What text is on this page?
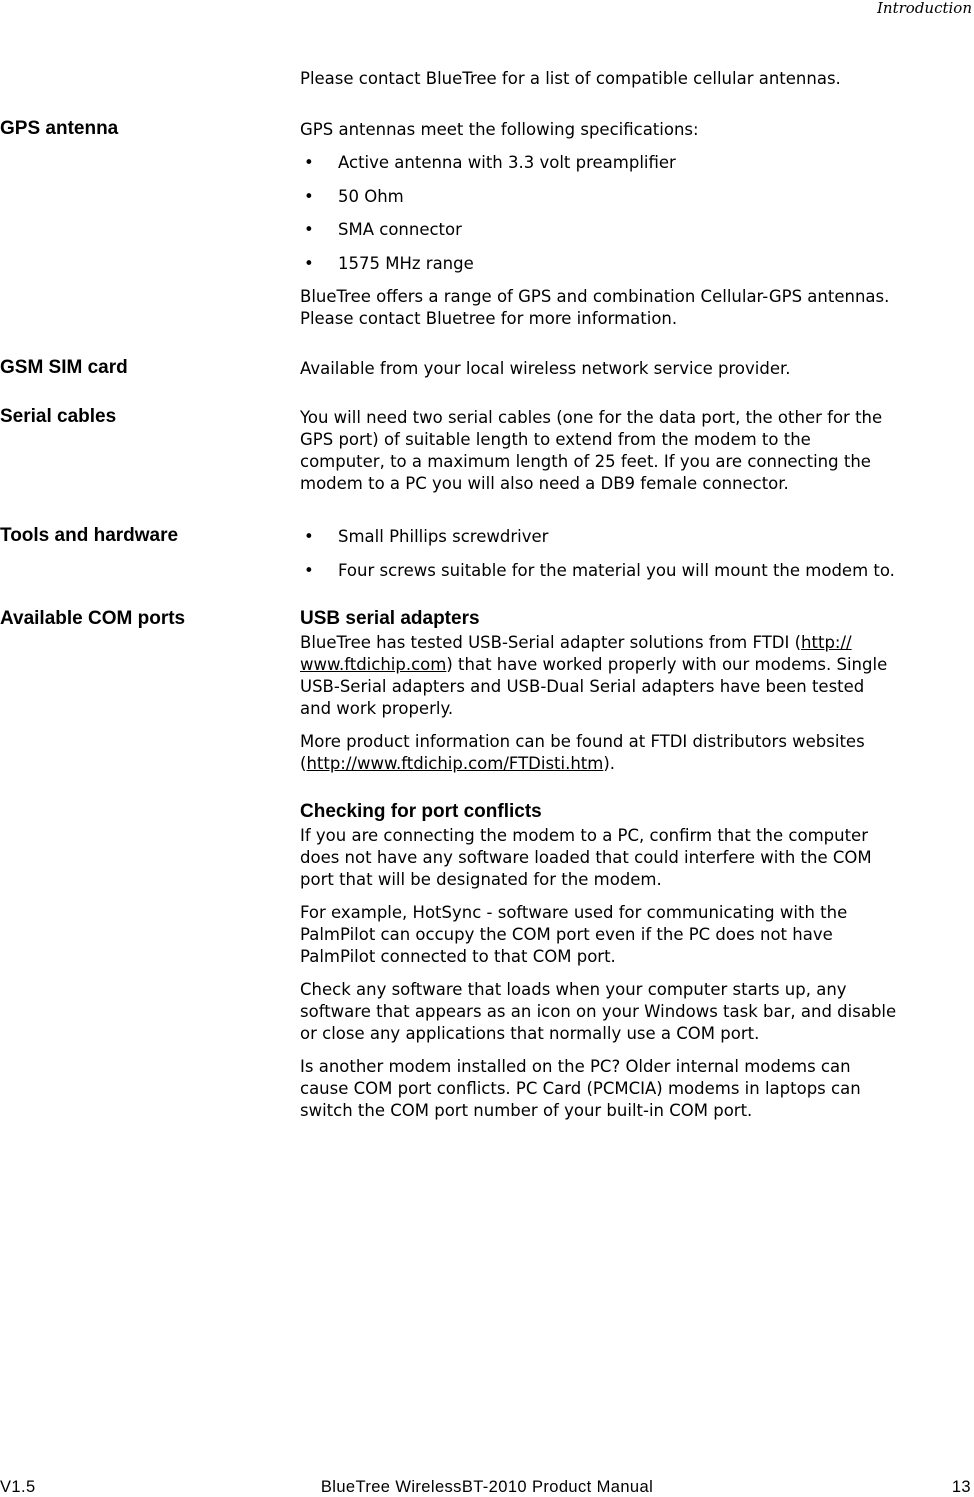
Introduction
Please contact BlueTree for a list of compatible cellular antennas.
GPS antenna	GPS antennas meet the following specifications:

• Active antenna with 3.3 volt preamplifier
• 50 Ohm
• SMA connector
• 1575 MHz range

BlueTree offers a range of GPS and combination Cellular-GPS antennas.
Please contact Bluetree for more information.

GSM SIM card	Available from your local wireless network service provider.
Serial cables	You will need two serial cables (one for the data port, the other for the
GPS port) of suitable length to extend from the modem to the
computer, to a maximum length of 25 feet. If you are connecting the
modem to a PC you will also need a DB9 female connector.
Tools and hardware	• Small Phillips screwdriver
• Four screws suitable for the material you will mount the modem to.
Available COM ports	USB serial adapters

BlueTree has tested USB-Serial adapter solutions from FTDI (http://
www.ftdichip.com) that have worked properly with our modems. Single
USB-Serial adapters and USB-Dual Serial adapters have been tested
and work properly.

More product information can be found at FTDI distributors websites
(http://www.ftdichip.com/FTDisti.htm).

Checking for port conflicts

If you are connecting the modem to a PC, confirm that the computer
does not have any software loaded that could interfere with the COM
port that will be designated for the modem.

For example, HotSync - software used for communicating with the
PalmPilot can occupy the COM port even if the PC does not have
PalmPilot connected to that COM port.

Check any software that loads when your computer starts up, any
software that appears as an icon on your Windows task bar, and disable
or close any applications that normally use a COM port.

Is another modem installed on the PC? Older internal modems can
cause COM port conflicts. PC Card (PCMCIA) modems in laptops can
switch the COM port number of your built-in COM port.

V1.5	BlueTree WirelessBT-2010 Product Manual	13
